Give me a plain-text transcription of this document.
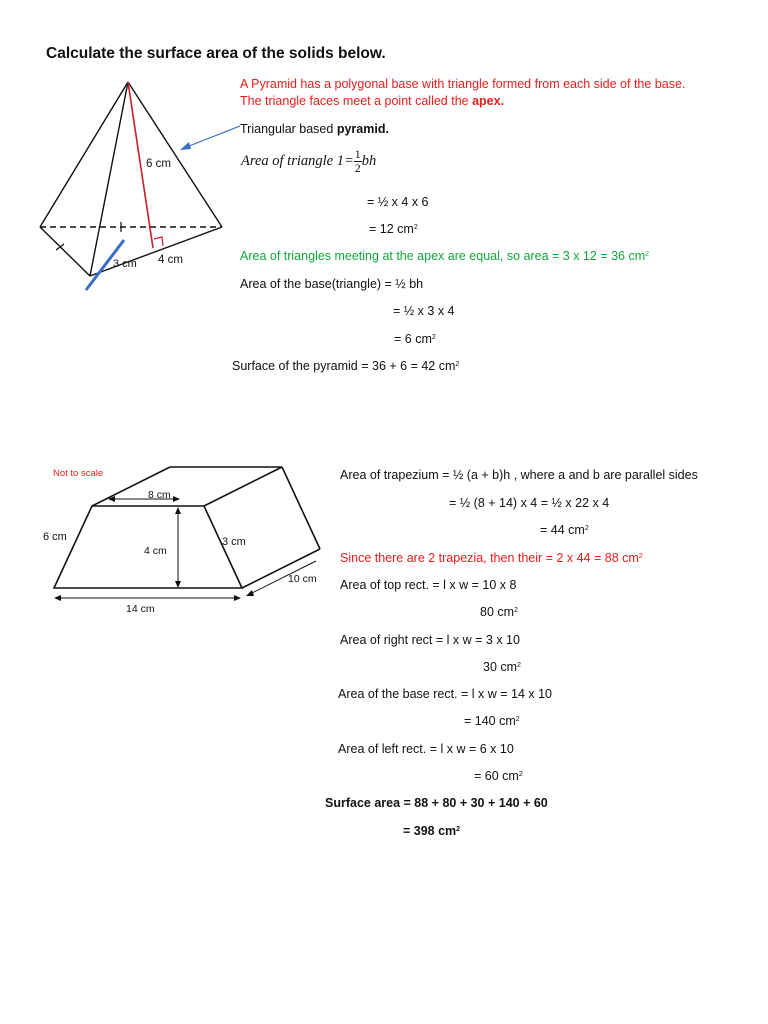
Calculate the surface area of the solids below.
6 cm
3 cm 4 cm
A Pyramid has a polygonal base with triangle formed from each side of the base.
The triangle faces meet a point called the apex.
Triangular based pyramid.
Area of triangle $1= \frac{1}{2}$ bh
= ½ x 4 x 6
= 12 $cm^2$
Area of triangles meeting at the apex are equal, so area = 3 x 12 = 36 $cm^2$
Area of the base(triangle) = ½ bh
= ½ x 3 x 4
= 6 $cm^2$
Surface of the pyramid = 36 + 6 = 42 $cm^2$
Not to scale
8 cm
4 cm
14 cm
10 cm
6 cm	3 cm
Area of trapezium = ½ (a + b)h , where a and b are parallel sides
= ½ (8 + 14) x 4 = ½ x 22 x 4
= 44 $cm^2$
Since there are 2 trapezia, then their = 2 x 44 = 88 $cm^2$
Area of top rect. = l x w = 10 x 8
80 $cm^2$
Area of right rect = l x w = 3 x 10
30 $cm^2$
Area of the base rect. = l x w = 14 x 10
= 140 $cm^2$
Area of left rect. = l x w = 6 x 10
= 60 $cm^2$
Surface area = 88 + 80 + 30 + 140 + 60
= 398 $cm^2$
